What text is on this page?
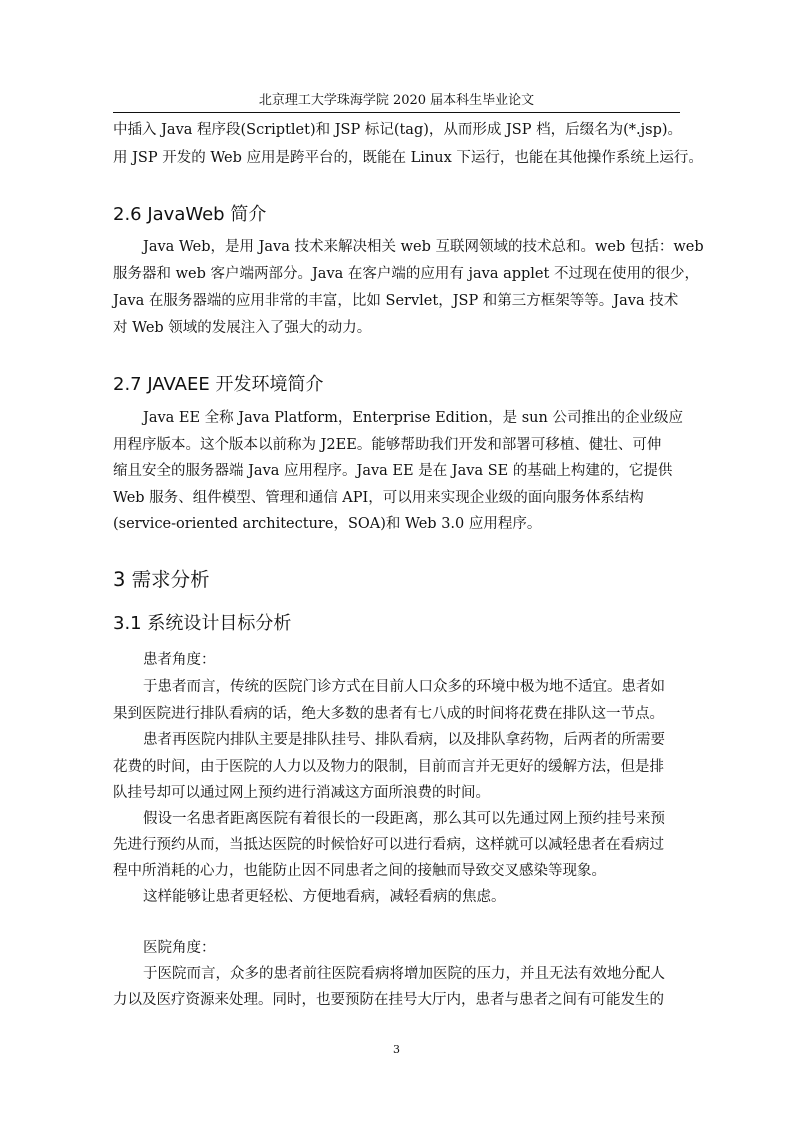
北京理工大学珠海学院 2020 届本科生毕业论文
中插入 Java 程序段(Scriptlet)和 JSP 标记(tag)，从而形成 JSP 档，后缀名为(*.jsp)。
用 JSP 开发的 Web 应用是跨平台的，既能在 Linux 下运行，也能在其他操作系统上运行。
2.6 JavaWeb 简介
Java Web，是用 Java 技术来解决相关 web 互联网领域的技术总和。web 包括：web
服务器和 web 客户端两部分。Java 在客户端的应用有 java applet 不过现在使用的很少，
Java 在服务器端的应用非常的丰富，比如 Servlet，JSP 和第三方框架等等。Java 技术
对 Web 领域的发展注入了强大的动力。
2.7 JAVAEE 开发环境简介
Java EE 全称 Java Platform，Enterprise Edition，是 sun 公司推出的企业级应
用程序版本。这个版本以前称为 J2EE。能够帮助我们开发和部署可移植、健壮、可伸
缩且安全的服务器端 Java 应用程序。Java EE 是在 Java SE 的基础上构建的，它提供
Web 服务、组件模型、管理和通信 API，可以用来实现企业级的面向服务体系结构
(service-oriented architecture，SOA)和 Web 3.0 应用程序。
3 需求分析
3.1 系统设计目标分析
患者角度：
于患者而言，传统的医院门诊方式在目前人口众多的环境中极为地不适宜。患者如
果到医院进行排队看病的话，绝大多数的患者有七八成的时间将花费在排队这一节点。
患者再医院内排队主要是排队挂号、排队看病，以及排队拿药物，后两者的所需要
花费的时间，由于医院的人力以及物力的限制，目前而言并无更好的缓解方法，但是排
队挂号却可以通过网上预约进行消减这方面所浪费的时间。
假设一名患者距离医院有着很长的一段距离，那么其可以先通过网上预约挂号来预
先进行预约从而，当抵达医院的时候恰好可以进行看病，这样就可以减轻患者在看病过
程中所消耗的心力，也能防止因不同患者之间的接触而导致交叉感染等现象。
这样能够让患者更轻松、方便地看病，减轻看病的焦虑。
医院角度：
于医院而言，众多的患者前往医院看病将增加医院的压力，并且无法有效地分配人
力以及医疗资源来处理。同时，也要预防在挂号大厅内，患者与患者之间有可能发生的
3
